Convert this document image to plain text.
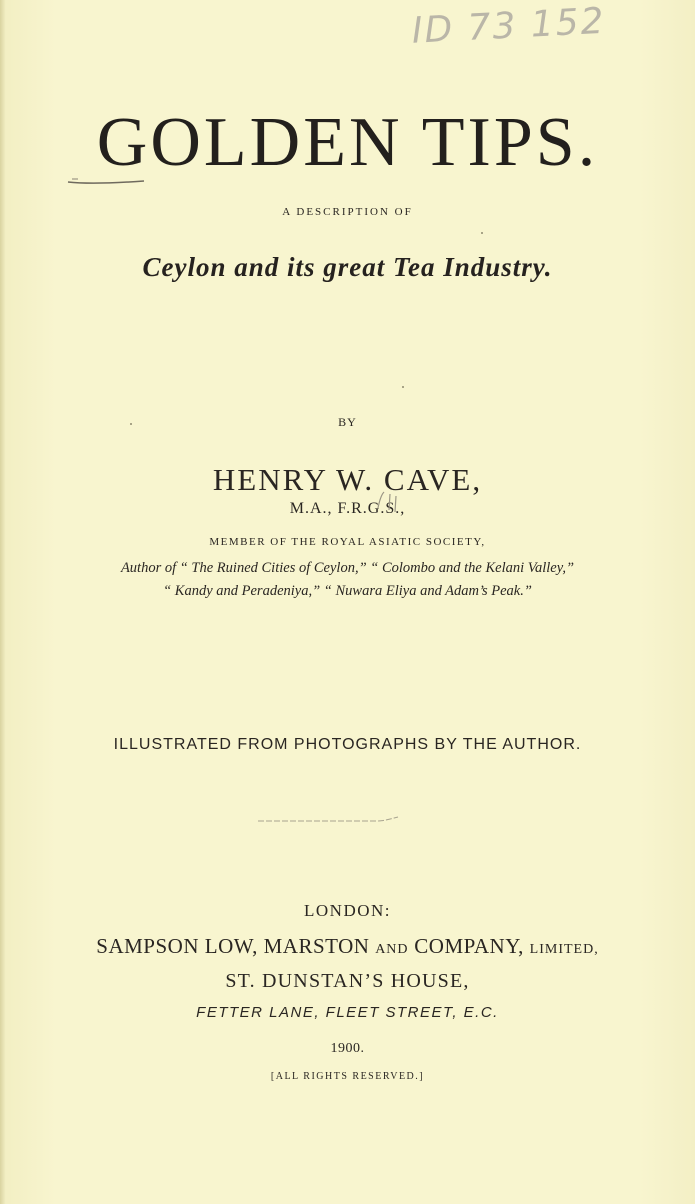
ID 73 152
GOLDEN TIPS.
A DESCRIPTION OF
Ceylon and its great Tea Industry.
BY
HENRY W. CAVE,
M.A., F.R.G.S.,
MEMBER OF THE ROYAL ASIATIC SOCIETY,
Author of “ The Ruined Cities of Ceylon,” “ Colombo and the Kelani Valley,”
“ Kandy and Peradeniya,” “ Nuwara Eliya and Adam’s Peak.”
ILLUSTRATED FROM PHOTOGRAPHS BY THE AUTHOR.
LONDON:
SAMPSON LOW, MARSTON AND COMPANY, LIMITED,
ST. DUNSTAN’S HOUSE,
FETTER LANE, FLEET STREET, E.C.
1900.
[ALL RIGHTS RESERVED.]
